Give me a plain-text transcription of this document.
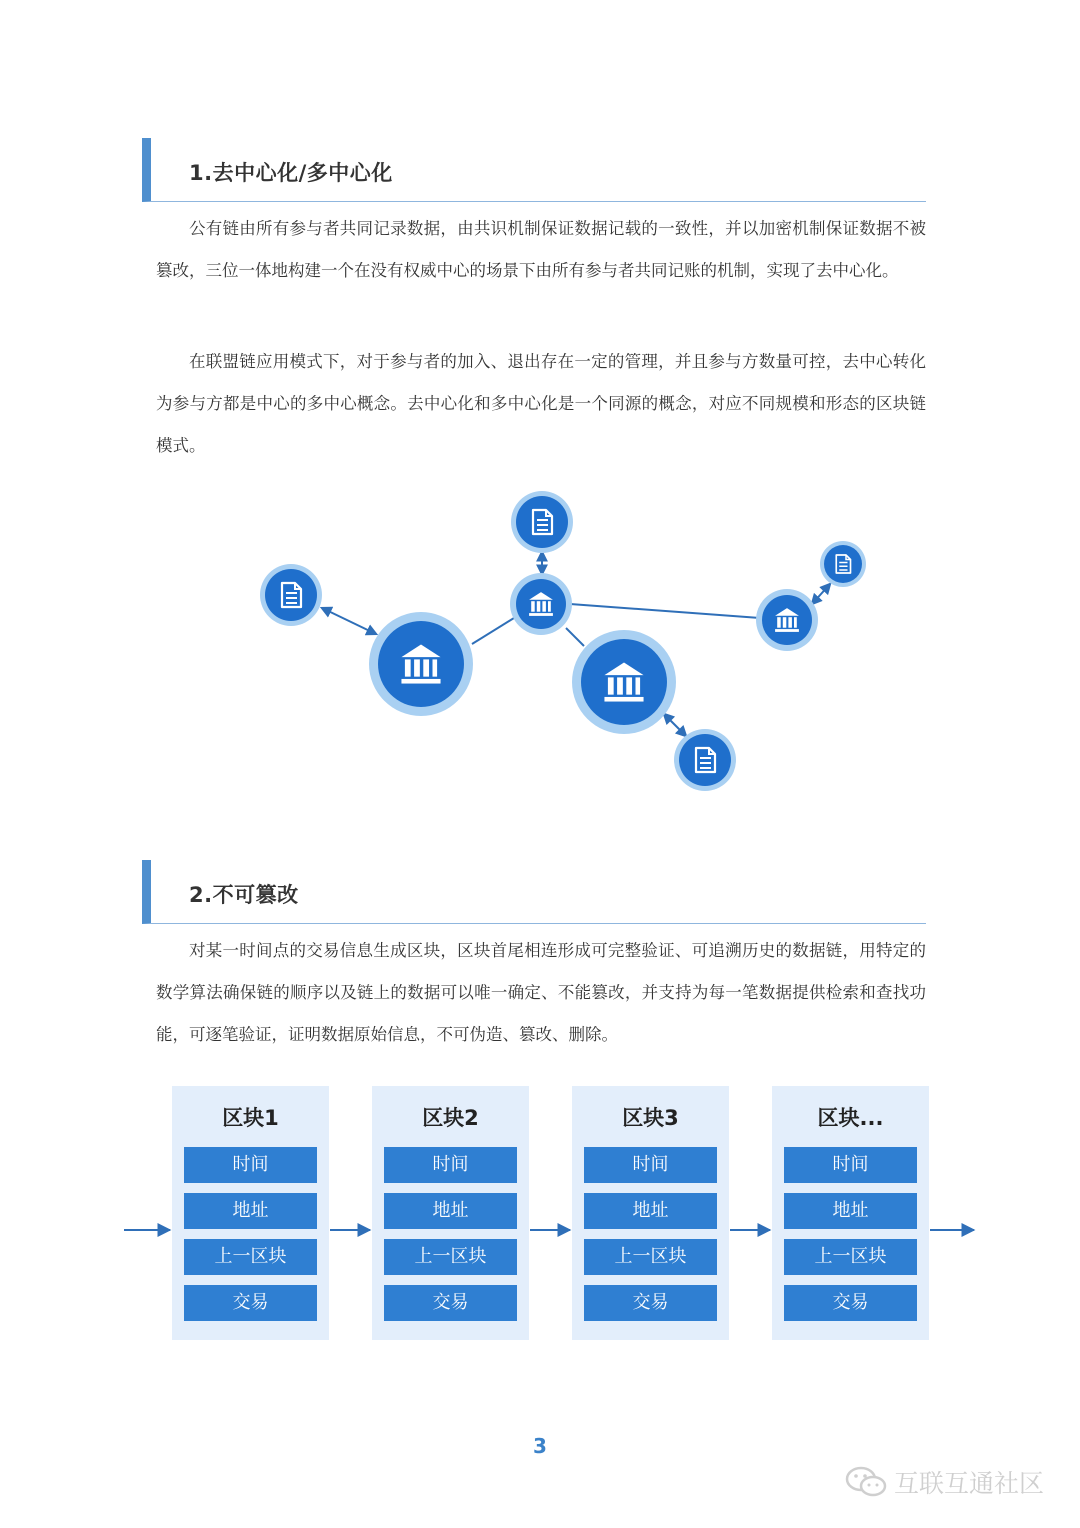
1.去中心化/多中心化

公有链由所有参与者共同记录数据，由共识机制保证数据记载的一致性，并以加密机制保证数据不被篡改，三位一体地构建一个在没有权威中心的场景下由所有参与者共同记账的机制，实现了去中心化。

在联盟链应用模式下，对于参与者的加入、退出存在一定的管理，并且参与方数量可控，去中心转化为参与方都是中心的多中心概念。去中心化和多中心化是一个同源的概念，对应不同规模和形态的区块链模式。

2.不可篡改

对某一时间点的交易信息生成区块，区块首尾相连形成可完整验证、可追溯历史的数据链，用特定的数学算法确保链的顺序以及链上的数据可以唯一确定、不能篡改，并支持为每一笔数据提供检索和查找功能，可逐笔验证，证明数据原始信息，不可伪造、篡改、删除。

区块1
时间
地址
上一区块
交易
区块2
时间
地址
上一区块
交易
区块3
时间
地址
上一区块
交易
区块...
时间
地址
上一区块
交易
3
互联互通社区
